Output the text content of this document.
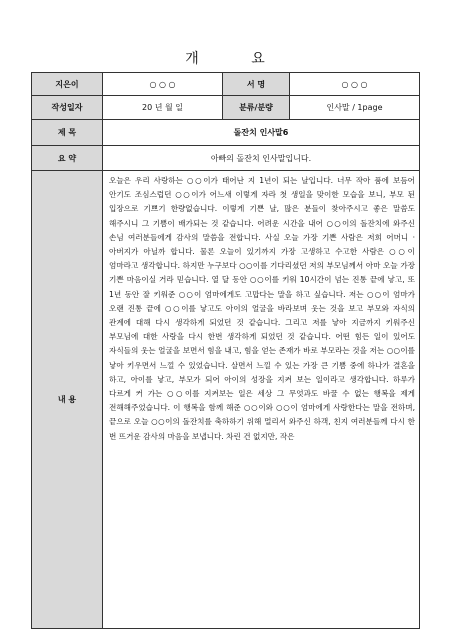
개 요
지은이	○ ○ ○	서 명	○ ○ ○
작성일자	20 년 월 일	분류/분량	인사말 / 1page
제 목	돌잔치 인사말6		
요 약	아빠의 돌잔치 인사말입니다.		
내 용	오늘은 우리 사랑하는 ○○이가 태어난 지 1년이 되는 날입니다. 너무 작아 품에 보듬어 안기도 조심스럽던 ○○이가 어느새 이렇게 자라 첫 생일을 맞이한 모습을 보니, 부모 된 입장으로 기쁘기 한량없습니다. 이렇게 기쁜 날, 많은 분들이 찾아주시고 좋은 말씀도 해주시니 그 기쁨이 배가되는 것 같습니다. 어려운 시간을 내어 ○○이의 돌잔치에 와주신 손님 여러분들에게 감사의 말씀을 전합니다. 사실 오늘 가장 기쁜 사람은 저희 어머니 · 아버지가 아닐까 합니다. 물론 오늘이 있기까지 가장 고생하고 수고한 사람은 ○○이 엄마라고 생각합니다. 하지만 누구보다 ○○이를 기다리셨던 저의 부모님께서 아마 오늘 가장 기쁜 마음이실 거라 믿습니다. 열 달 동안 ○○이를 키워 10시간이 넘는 진통 끝에 낳고, 또 1년 동안 잘 키워준 ○○이 엄마에게도 고맙다는 말을 하고 싶습니다. 저는 ○○이 엄마가 오랜 진통 끝에 ○○이를 낳고도 아이의 얼굴을 바라보며 웃는 것을 보고 부모와 자식의 관계에 대해 다시 생각하게 되었던 것 같습니다. 그리고 저를 낳아 지금까지 키워주신 부모님에 대한 사랑을 다시 한번 생각하게 되었던 것 같습니다. 어떤 힘든 일이 있어도 자식들의 웃는 얼굴을 보면서 힘을 내고, 힘을 얻는 존재가 바로 부모라는 것을 저는 ○○이를 낳아 키우면서 느낄 수 있었습니다. 살면서 느낄 수 있는 가장 큰 기쁨 중에 하나가 결혼을 하고, 아이를 낳고, 부모가 되어 아이의 성장을 지켜 보는 일이라고 생각합니다. 하루가 다르게 커 가는 ○○이를 지켜보는 일은 세상 그 무엇과도 바꿀 수 없는 행복을 제게 전해해주었습니다. 이 행복을 함께 해준 ○○이와 ○○이 엄마에게 사랑한다는 말을 전하며, 끝으로 오늘 ○○이의 돌잔치를 축하하기 위해 멀리서 와주신 하객, 친지 여러분들께 다시 한 번 뜨거운 감사의 마음을 보냅니다. 차린 건 없지만, 작은		
